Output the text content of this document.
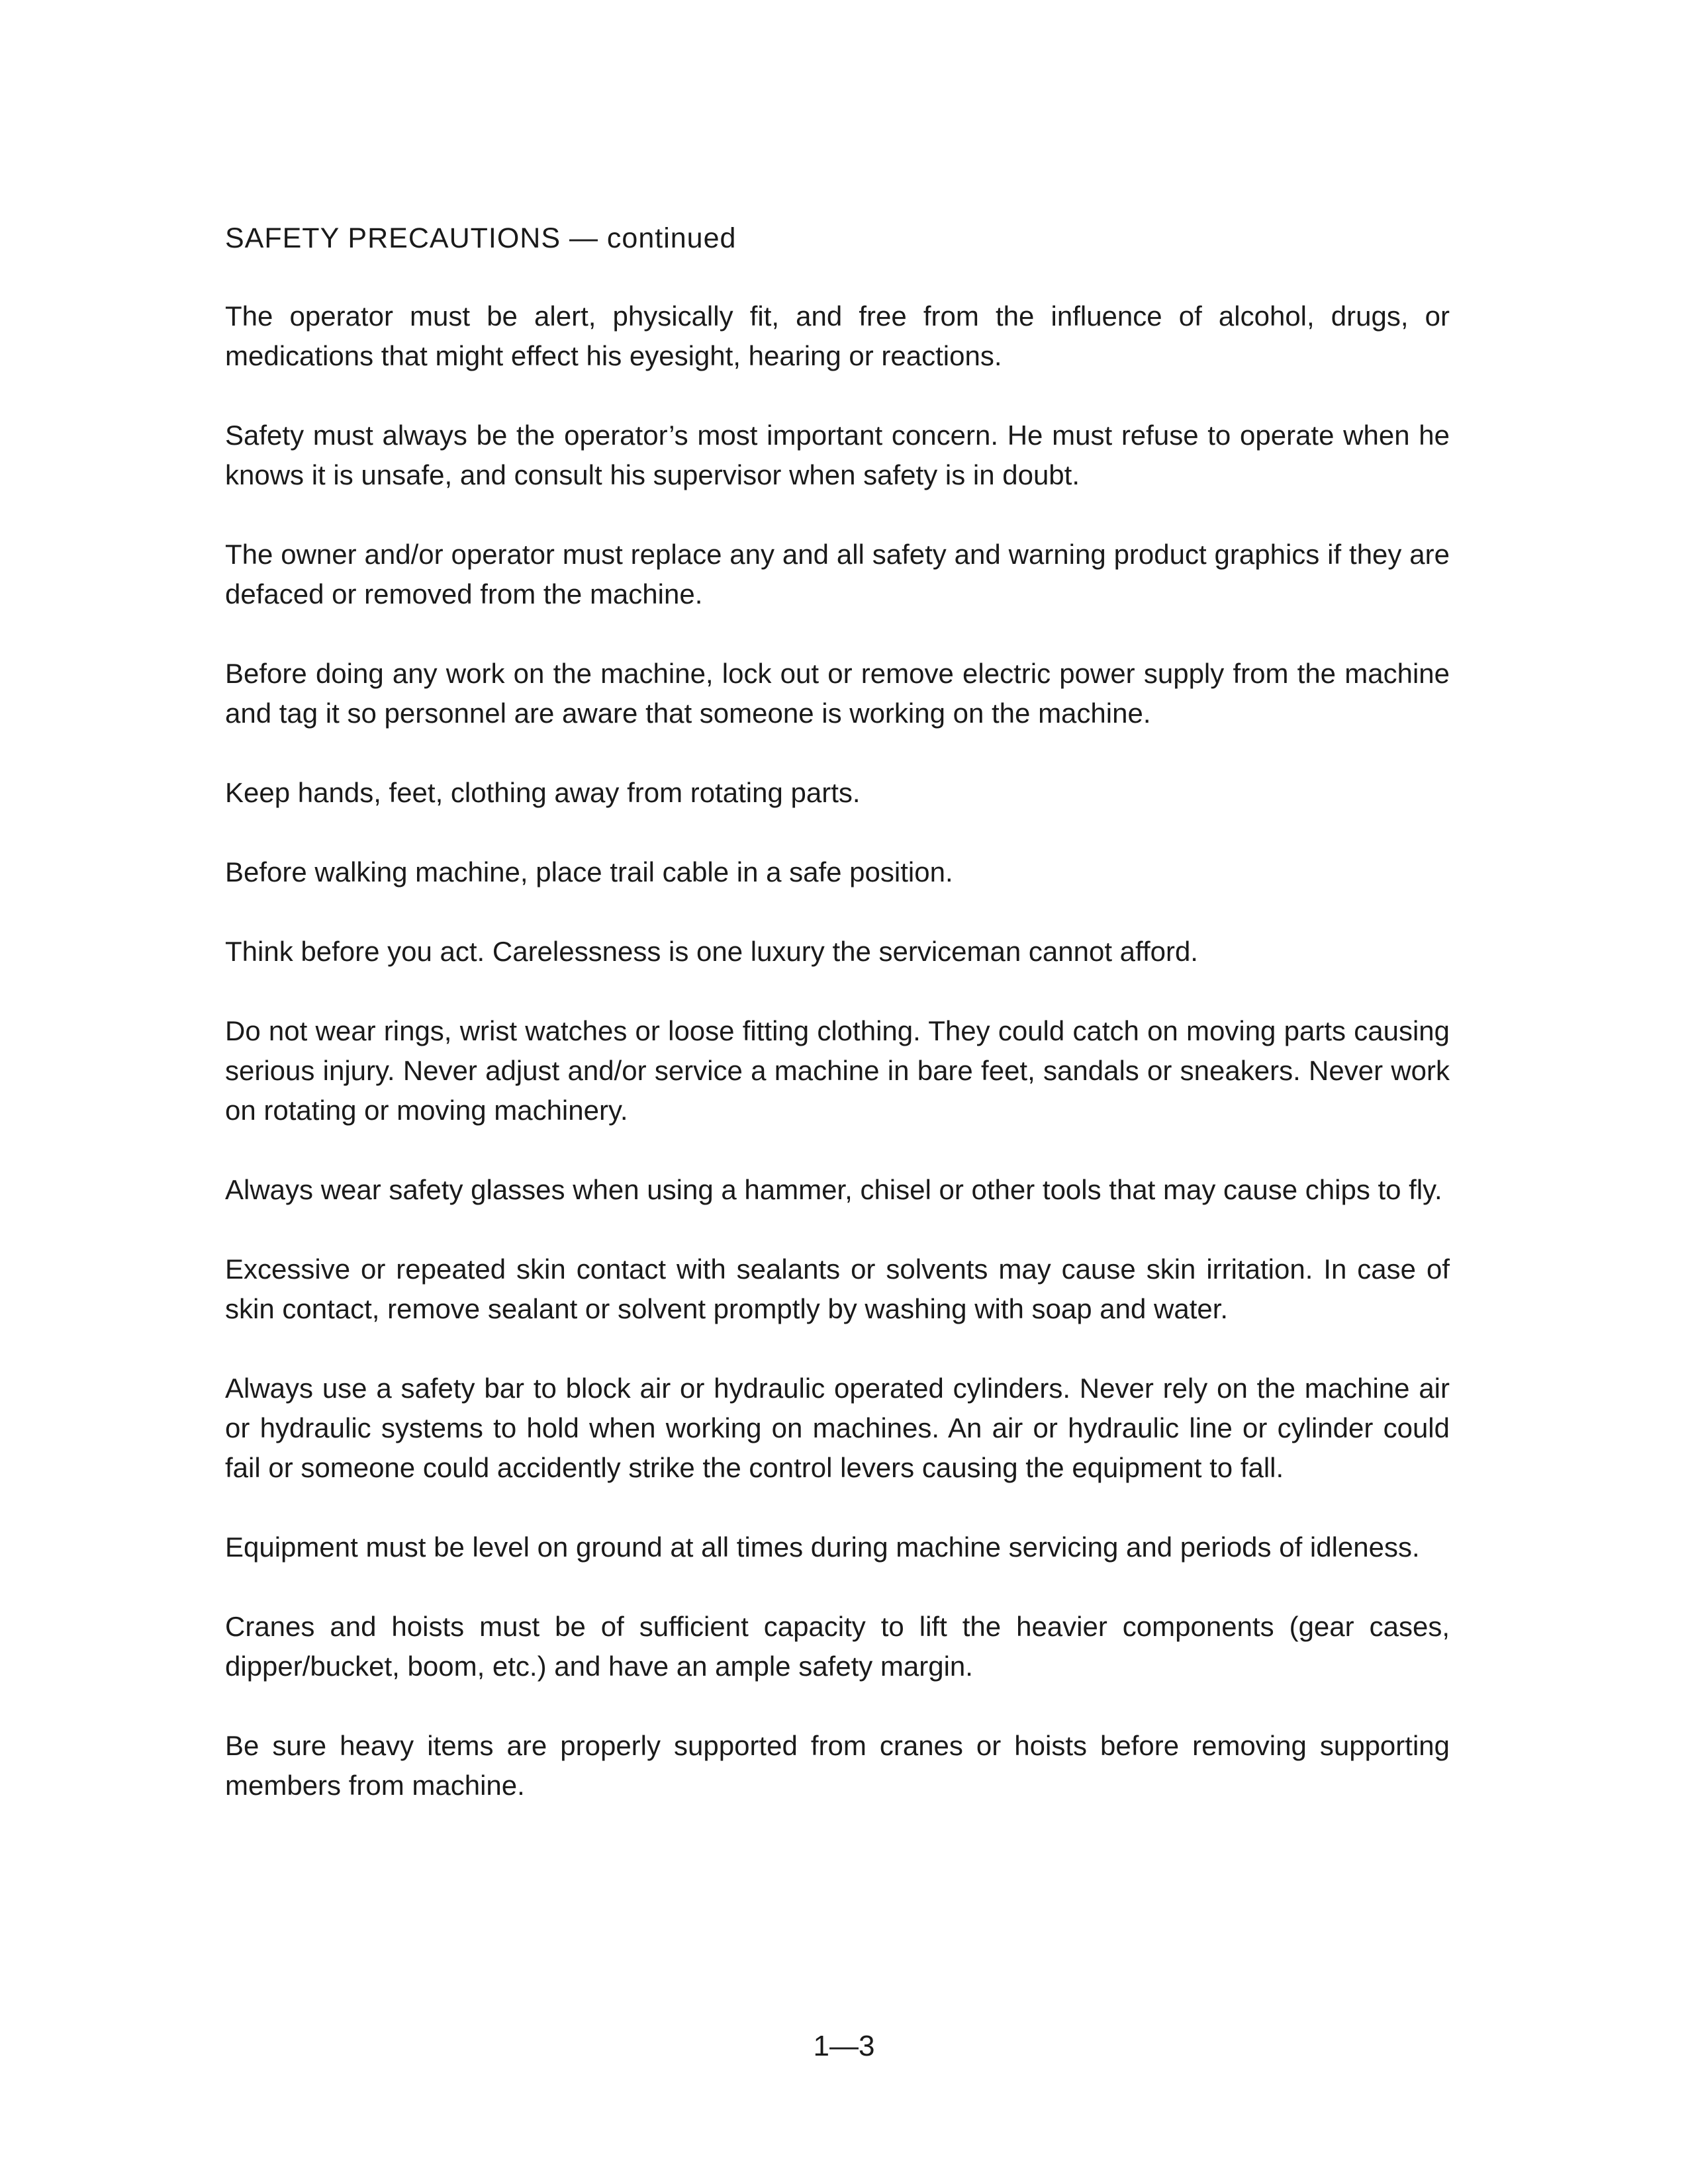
SAFETY PRECAUTIONS — continued

The operator must be alert, physically fit, and free from the influence of alcohol, drugs, or medications that might effect his eyesight, hearing or reactions.

Safety must always be the operator’s most important concern. He must refuse to operate when he knows it is unsafe, and consult his supervisor when safety is in doubt.

The owner and/or operator must replace any and all safety and warning product graphics if they are defaced or removed from the machine.

Before doing any work on the machine, lock out or remove electric power supply from the machine and tag it so personnel are aware that someone is working on the machine.

Keep hands, feet, clothing away from rotating parts.

Before walking machine, place trail cable in a safe position.

Think before you act. Carelessness is one luxury the serviceman cannot afford.

Do not wear rings, wrist watches or loose fitting clothing. They could catch on moving parts causing serious injury. Never adjust and/or service a machine in bare feet, sandals or sneakers. Never work on rotating or moving machinery.

Always wear safety glasses when using a hammer, chisel or other tools that may cause chips to fly.

Excessive or repeated skin contact with sealants or solvents may cause skin irritation. In case of skin contact, remove sealant or solvent promptly by washing with soap and water.

Always use a safety bar to block air or hydraulic operated cylinders. Never rely on the machine air or hydraulic systems to hold when working on machines. An air or hydraulic line or cylinder could fail or someone could accidently strike the control levers causing the equipment to fall.

Equipment must be level on ground at all times during machine servicing and periods of idleness.

Cranes and hoists must be of sufficient capacity to lift the heavier components (gear cases, dipper/bucket, boom, etc.) and have an ample safety margin.

Be sure heavy items are properly supported from cranes or hoists before removing supporting members from machine.

1—3
